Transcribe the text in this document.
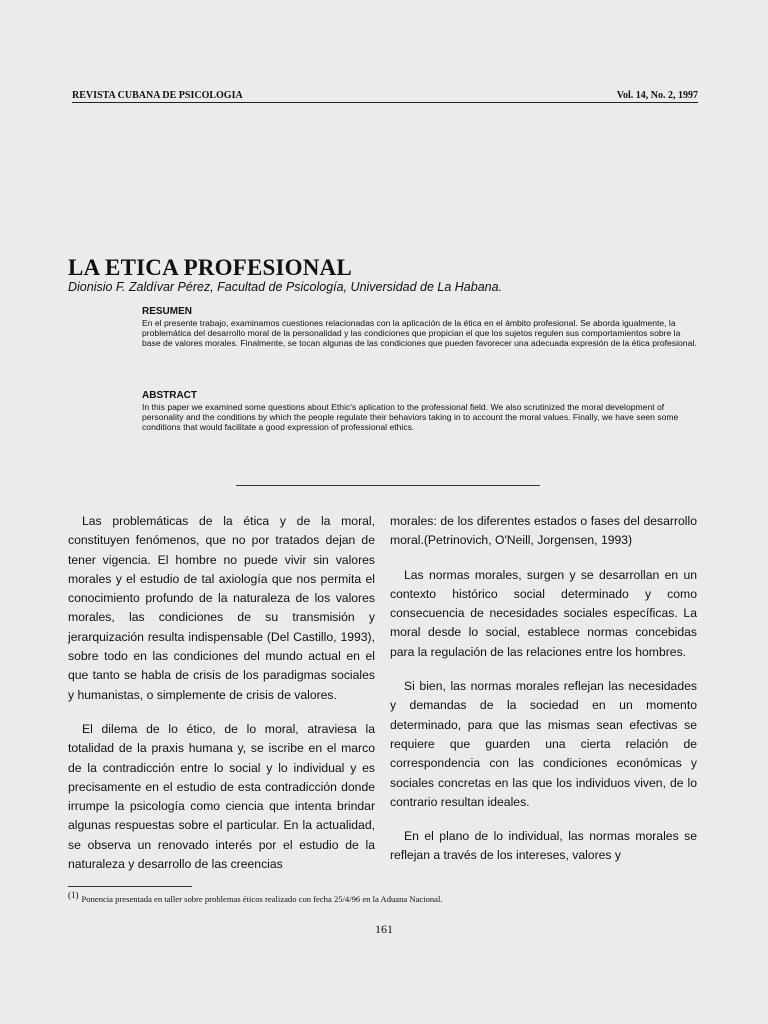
REVISTA CUBANA DE PSICOLOGIA	Vol. 14, No. 2, 1997
LA ETICA PROFESIONAL
Dionisio F. Zaldívar Pérez, Facultad de Psicología, Universidad de La Habana.
RESUMEN
En el presente trabajo, examinamos cuestiones relacionadas con la aplicación de la ética en el ámbito profesional. Se aborda igualmente, la problemática del desarrollo moral de la personalidad y las condiciones que propician el que los sujetos regulen sus comportamientos sobre la base de valores morales. Finalmente, se tocan algunas de las condiciones que pueden favorecer una adecuada expresión de la ética profesional.
ABSTRACT
In this paper we examined some questions about Ethic's aplication to the professional field. We also scrutinized the moral development of personality and the conditions by which the people regulate their behaviors taking in to account the moral values. Finally, we have seen some conditions that would facilitate a good expression of professional ethics.

Las problemáticas de la ética y de la moral, constituyen fenómenos, que no por tratados dejan de tener vigencia. El hombre no puede vivir sin valores morales y el estudio de tal axiología que nos permita el conocimiento profundo de la naturaleza de los valores morales, las condiciones de su transmisión y jerarquización resulta indispensable (Del Castillo, 1993), sobre todo en las condiciones del mundo actual en el que tanto se habla de crisis de los paradigmas sociales y humanistas, o simplemente de crisis de valores.

El dilema de lo ético, de lo moral, atraviesa la totalidad de la praxis humana y, se iscribe en el marco de la contradicción entre lo social y lo individual y es precisamente en el estudio de esta contradicción donde irrumpe la psicología como ciencia que intenta brindar algunas respuestas sobre el particular. En la actualidad, se observa un renovado interés por el estudio de la naturaleza y desarrollo de las creencias

morales: de los diferentes estados o fases del desarrollo moral.(Petrinovich, O'Neill, Jorgensen, 1993)

Las normas morales, surgen y se desarrollan en un contexto histórico social determinado y como consecuencia de necesidades sociales específicas. La moral desde lo social, establece normas concebidas para la regulación de las relaciones entre los hombres.

Si bien, las normas morales reflejan las necesidades y demandas de la sociedad en un momento determinado, para que las mismas sean efectivas se requiere que guarden una cierta relación de correspondencia con las condiciones económicas y sociales concretas en las que los individuos viven, de lo contrario resultan ideales.

En el plano de lo individual, las normas morales se reflejan a través de los intereses, valores y

$^{(1)}$ Ponencia presentada en taller sobre problemas éticos realizado con fecha 25/4/96 en la Aduana Nacional.
161
